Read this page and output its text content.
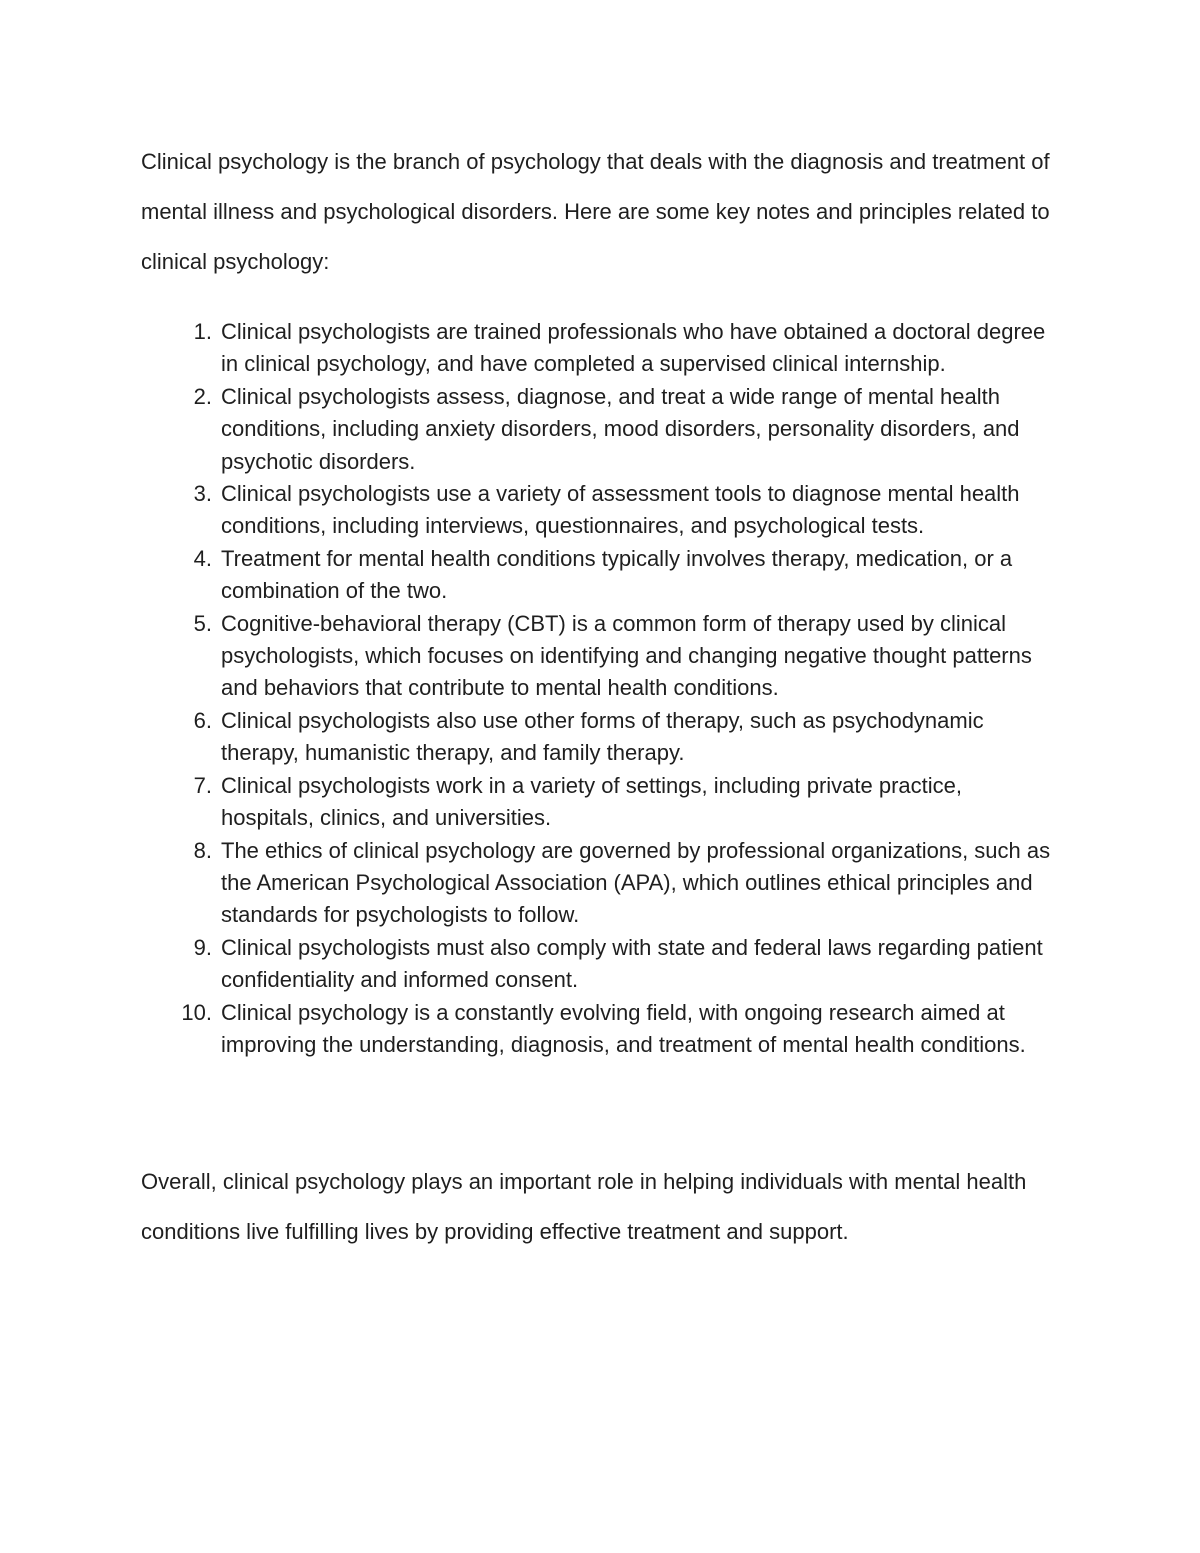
Clinical psychology is the branch of psychology that deals with the diagnosis and treatment of mental illness and psychological disorders. Here are some key notes and principles related to clinical psychology:

1. Clinical psychologists are trained professionals who have obtained a doctoral degree in clinical psychology, and have completed a supervised clinical internship.
2. Clinical psychologists assess, diagnose, and treat a wide range of mental health conditions, including anxiety disorders, mood disorders, personality disorders, and psychotic disorders.
3. Clinical psychologists use a variety of assessment tools to diagnose mental health conditions, including interviews, questionnaires, and psychological tests.
4. Treatment for mental health conditions typically involves therapy, medication, or a combination of the two.
5. Cognitive-behavioral therapy (CBT) is a common form of therapy used by clinical psychologists, which focuses on identifying and changing negative thought patterns and behaviors that contribute to mental health conditions.
6. Clinical psychologists also use other forms of therapy, such as psychodynamic therapy, humanistic therapy, and family therapy.
7. Clinical psychologists work in a variety of settings, including private practice, hospitals, clinics, and universities.
8. The ethics of clinical psychology are governed by professional organizations, such as the American Psychological Association (APA), which outlines ethical principles and standards for psychologists to follow.
9. Clinical psychologists must also comply with state and federal laws regarding patient confidentiality and informed consent.
10. Clinical psychology is a constantly evolving field, with ongoing research aimed at improving the understanding, diagnosis, and treatment of mental health conditions.

Overall, clinical psychology plays an important role in helping individuals with mental health conditions live fulfilling lives by providing effective treatment and support.
